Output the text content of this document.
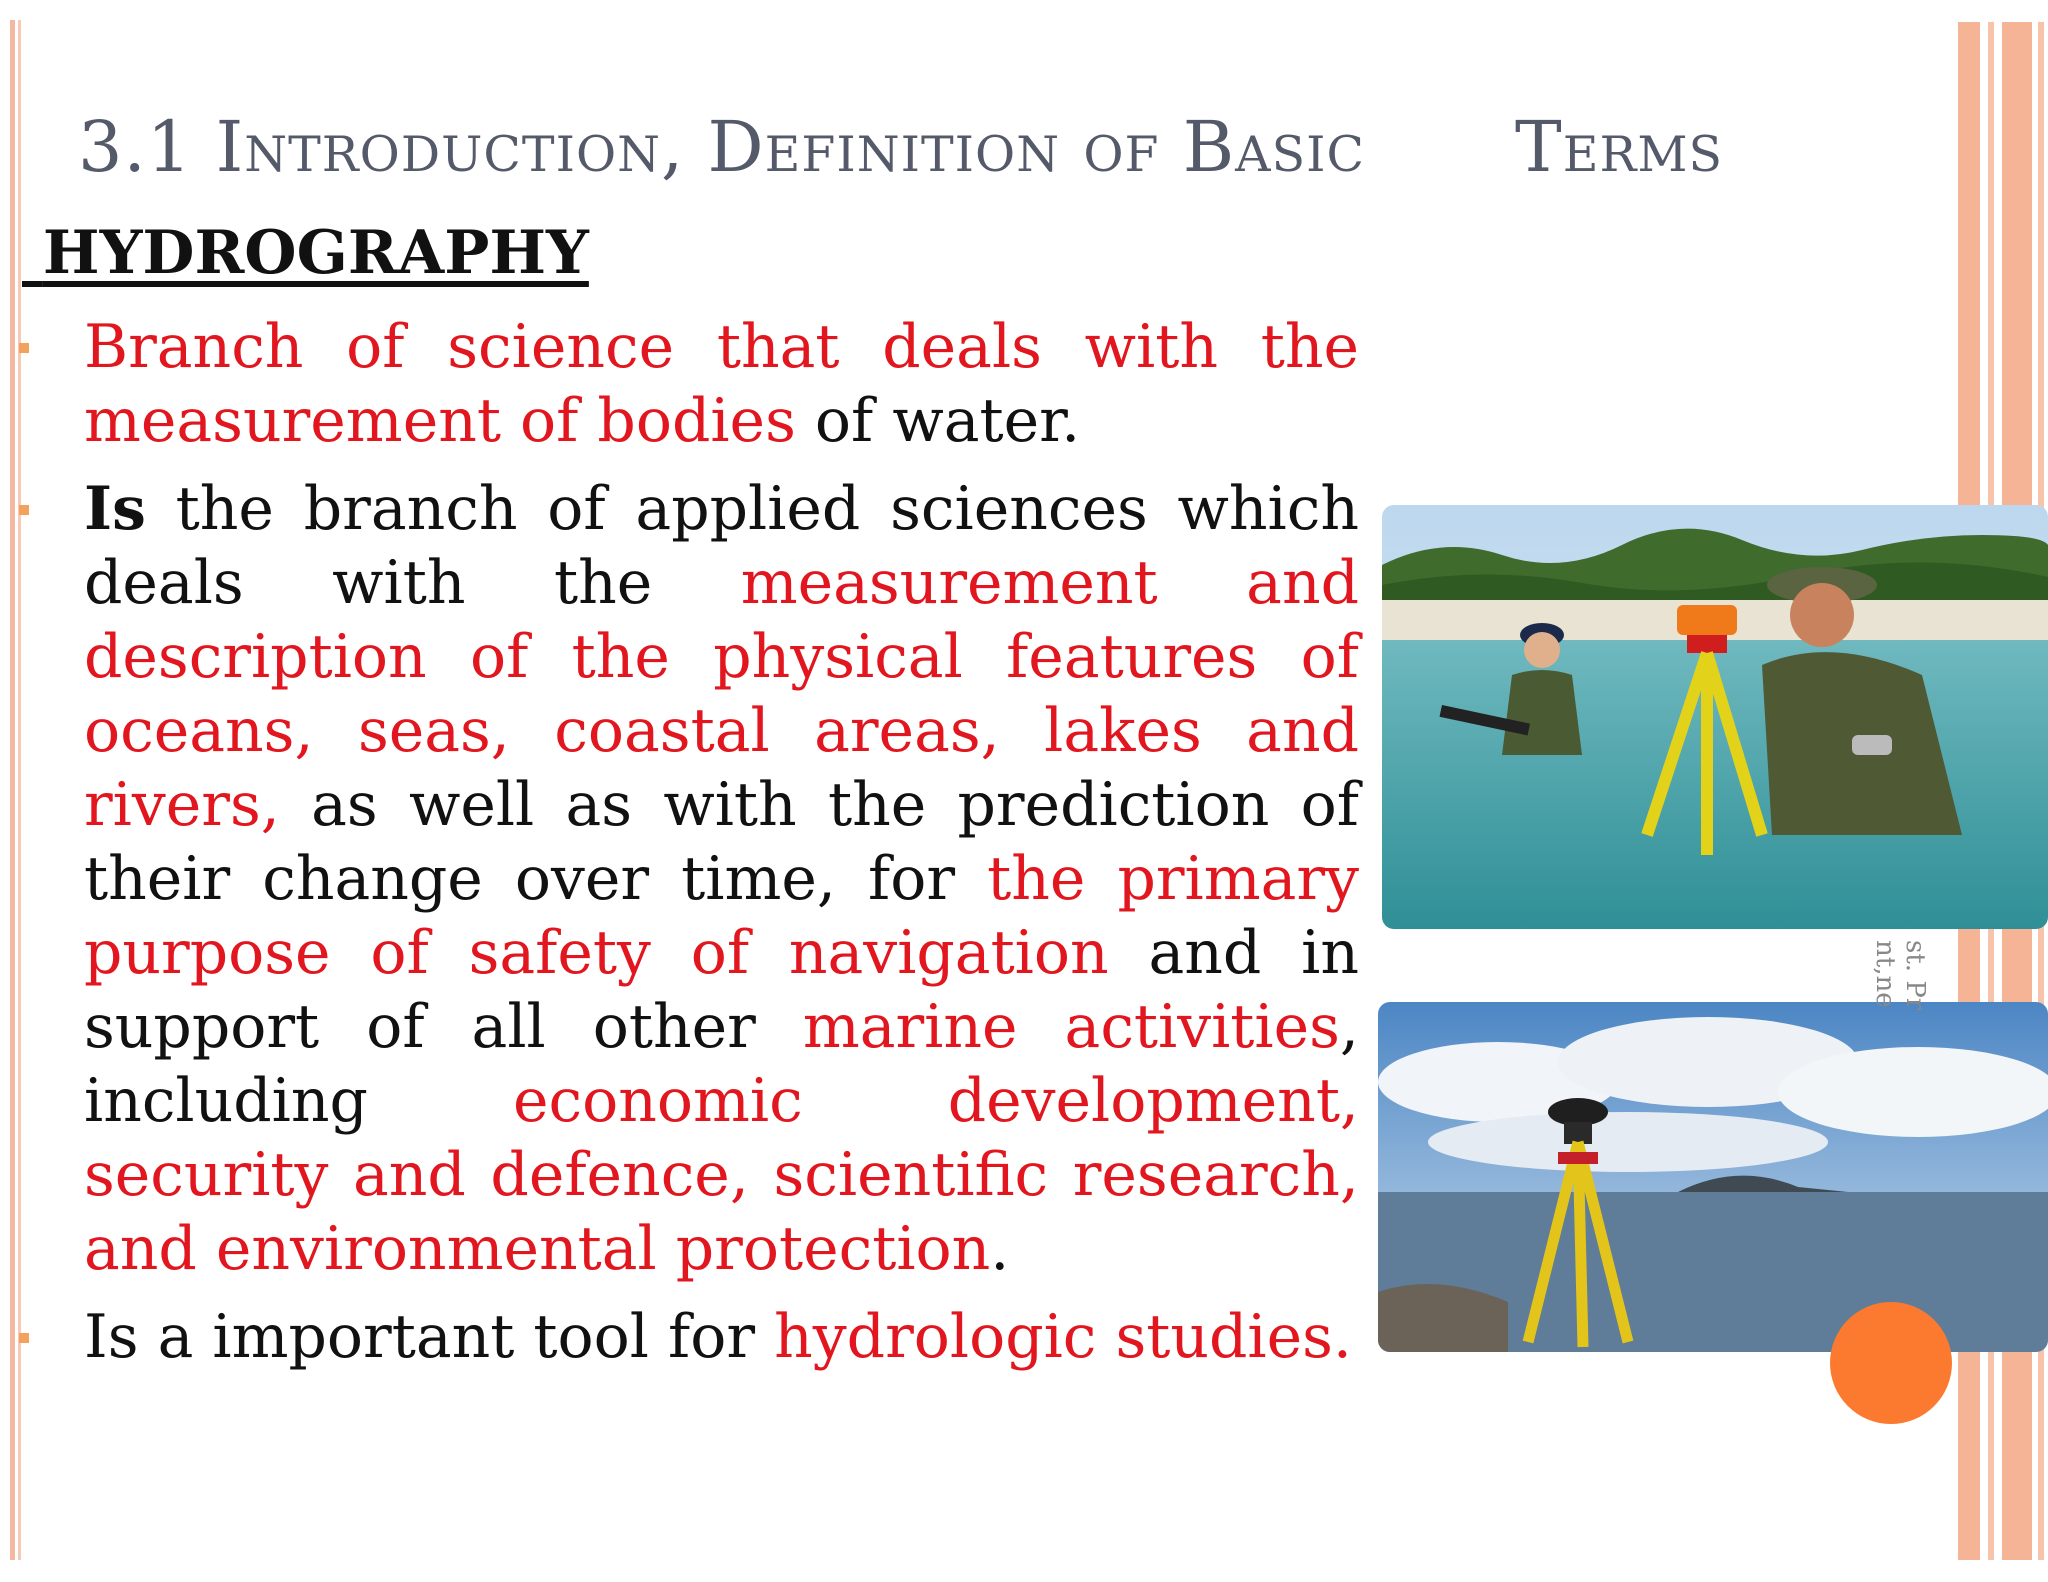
3.1 Introduction, Definition of Basic Terms
HYDROGRAPHY
Branch of science that deals with the measurement of bodies of water.
Is the branch of applied sciences which deals with the measurement and description of the physical features of oceans, seas, coastal areas, lakes and rivers, as well as with the prediction of their change over time, for the primary purpose of safety of navigation and in support of all other marine activities, including economic development, security and defence, scientific research, and environmental protection.
Is a important tool for hydrologic studies.
st. Pr
nt,ne
